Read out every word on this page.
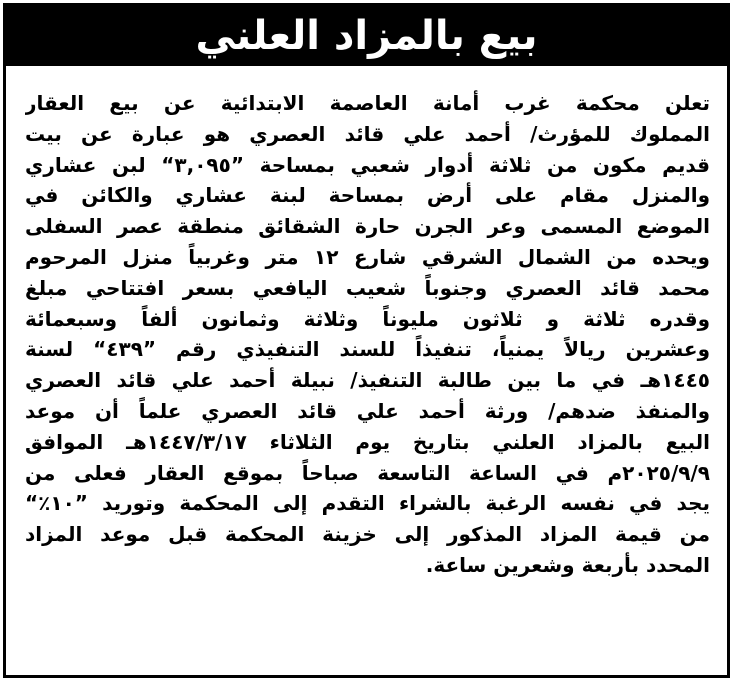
بيع بالمزاد العلني
تعلن محكمة غرب أمانة العاصمة الابتدائية عن بيع العقار
المملوك للمؤرث/ أحمد علي قائد العصري هو عبارة عن بيت
قديم مكون من ثلاثة أدوار شعبي بمساحة ”٣,٠٩٥“ لبن عشاري
والمنزل مقام على أرض بمساحة لبنة عشاري والكائن في
الموضع المسمى وعر الجرن حارة الشقائق منطقة عصر السفلى
ويحده من الشمال الشرقي شارع ١٢ متر وغربياً منزل المرحوم
محمد قائد العصري وجنوباً شعيب اليافعي بسعر افتتاحي مبلغ
وقدره ثلاثة و ثلاثون مليوناً وثلاثة وثمانون ألفاً وسبعمائة
وعشرين ريالاً يمنياً، تنفيذاً للسند التنفيذي رقم ”٤٣٩“ لسنة
١٤٤٥هـ في ما بين طالبة التنفيذ/ نبيلة أحمد علي قائد العصري
والمنفذ ضدهم/ ورثة أحمد علي قائد العصري علماً أن موعد
البيع بالمزاد العلني بتاريخ يوم الثلاثاء ١٤٤٧/٣/١٧هـ الموافق
٢٠٢٥/٩/٩م في الساعة التاسعة صباحاً بموقع العقار فعلى من
يجد في نفسه الرغبة بالشراء التقدم إلى المحكمة وتوريد ”١٠٪“
من قيمة المزاد المذكور إلى خزينة المحكمة قبل موعد المزاد
المحدد بأربعة وشعرين ساعة.
